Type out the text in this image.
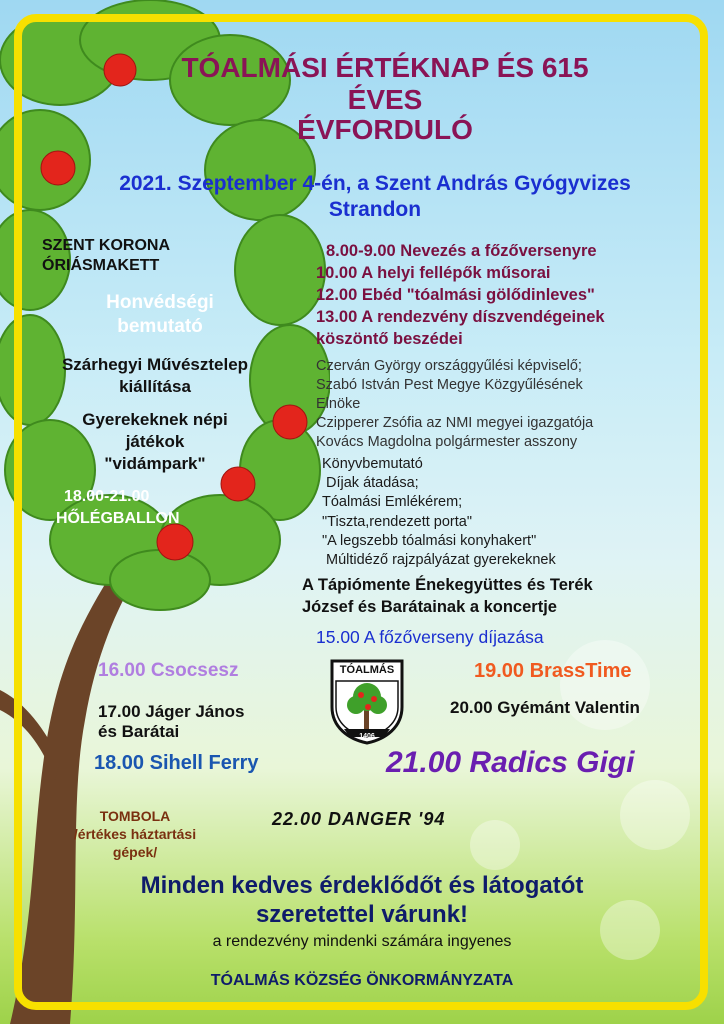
TÓALMÁSI ÉRTÉKNAP ÉS 615
ÉVES
ÉVFORDULÓ
2021. Szeptember 4-én, a Szent András Gyógyvizes
Strandon
SZENT KORONA
ÓRIÁSMAKETT
Honvédségi
bemutató
Szárhegyi Művésztelep
kiállítása
Gyerekeknek népi
játékok
"vidámpark"
18.00-21.00
HŐLÉGBALLON
8.00-9.00 Nevezés a főzőversenyre
10.00 A helyi fellépők műsorai
12.00 Ebéd "tóalmási gölődinleves"
13.00 A rendezvény díszvendégeinek
köszöntő beszédei
Czerván György országgyűlési képviselő;
Szabó István Pest Megye Közgyűlésének
Elnöke
Czipperer Zsófia az NMI megyei igazgatója
Kovács Magdolna polgármester asszony
Könyvbemutató
Díjak átadása;
Tóalmási Emlékérem;
"Tiszta,rendezett porta"
"A legszebb tóalmási konyhakert"
Múltidéző rajzpályázat gyerekeknek
A Tápiómente Énekegyüttes és Terék
József és Barátainak a koncertje
15.00 A főzőverseny díjazása
16.00 Csocsesz
17.00 Jáger János
és Barátai
18.00 Sihell Ferry
19.00 BrassTime
20.00 Gyémánt Valentin
21.00 Radics Gigi
22.00 DANGER '94
TÓALMÁS
1406
TOMBOLA
/értékes háztartási
gépek/
Minden kedves érdeklődőt és látogatót
szeretettel várunk!
a rendezvény mindenki számára ingyenes
TÓALMÁS KÖZSÉG ÖNKORMÁNYZATA
